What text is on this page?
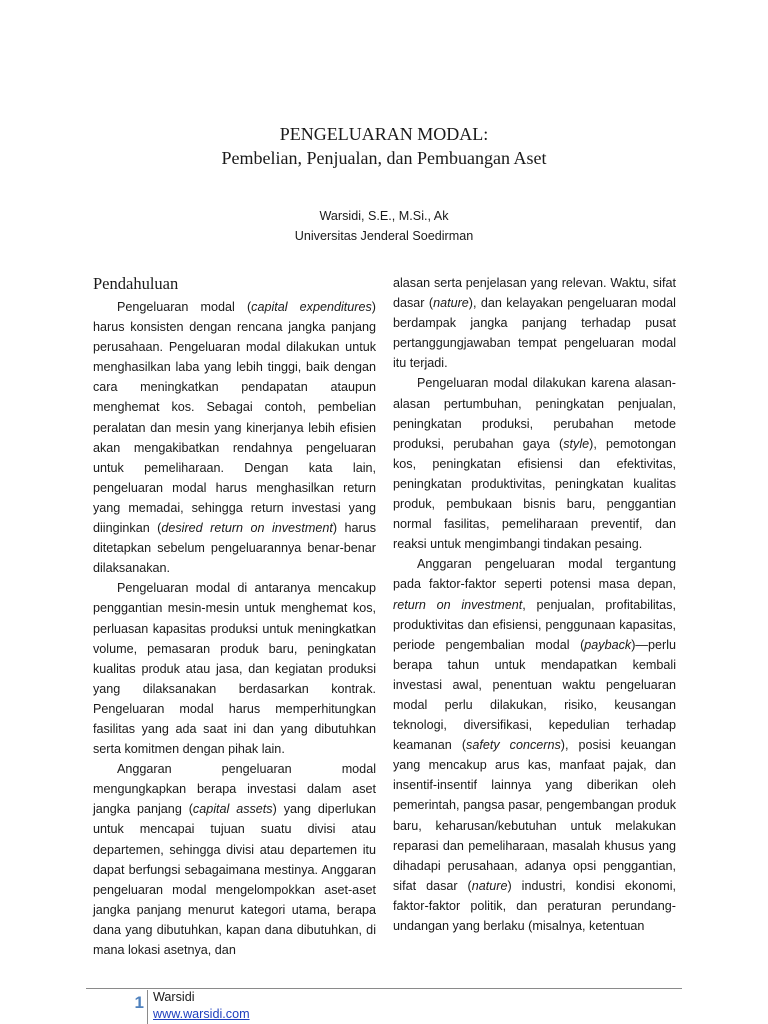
PENGELUARAN MODAL:
Pembelian, Penjualan, dan Pembuangan Aset
Warsidi, S.E., M.Si., Ak
Universitas Jenderal Soedirman
Pendahuluan

Pengeluaran modal (capital expenditures) harus konsisten dengan rencana jangka panjang perusahaan. Pengeluaran modal dilakukan untuk menghasilkan laba yang lebih tinggi, baik dengan cara meningkatkan pendapatan ataupun menghemat kos. Sebagai contoh, pembelian peralatan dan mesin yang kinerjanya lebih efisien akan mengakibatkan rendahnya pengeluaran untuk pemeliharaan. Dengan kata lain, pengeluaran modal harus menghasilkan return yang memadai, sehingga return investasi yang diinginkan (desired return on investment) harus ditetapkan sebelum pengeluarannya benar-benar dilaksanakan.

Pengeluaran modal di antaranya mencakup penggantian mesin-mesin untuk menghemat kos, perluasan kapasitas produksi untuk meningkatkan volume, pemasaran produk baru, peningkatan kualitas produk atau jasa, dan kegiatan produksi yang dilaksanakan berdasarkan kontrak. Pengeluaran modal harus memperhitungkan fasilitas yang ada saat ini dan yang dibutuhkan serta komitmen dengan pihak lain.

Anggaran pengeluaran modal mengungkapkan berapa investasi dalam aset jangka panjang (capital assets) yang diperlukan untuk mencapai tujuan suatu divisi atau departemen, sehingga divisi atau departemen itu dapat berfungsi sebagaimana mestinya. Anggaran pengeluaran modal mengelompokkan aset-aset jangka panjang menurut kategori utama, berapa dana yang dibutuhkan, kapan dana dibutuhkan, di mana lokasi asetnya, dan

alasan serta penjelasan yang relevan. Waktu, sifat dasar (nature), dan kelayakan pengeluaran modal berdampak jangka panjang terhadap pusat pertanggungjawaban tempat pengeluaran modal itu terjadi.

Pengeluaran modal dilakukan karena alasan-alasan pertumbuhan, peningkatan penjualan, peningkatan produksi, perubahan metode produksi, perubahan gaya (style), pemotongan kos, peningkatan efisiensi dan efektivitas, peningkatan produktivitas, peningkatan kualitas produk, pembukaan bisnis baru, penggantian normal fasilitas, pemeliharaan preventif, dan reaksi untuk mengimbangi tindakan pesaing.

Anggaran pengeluaran modal tergantung pada faktor-faktor seperti potensi masa depan, return on investment, penjualan, profitabilitas, produktivitas dan efisiensi, penggunaan kapasitas, periode pengembalian modal (payback)—perlu berapa tahun untuk mendapatkan kembali investasi awal, penentuan waktu pengeluaran modal perlu dilakukan, risiko, keusangan teknologi, diversifikasi, kepedulian terhadap keamanan (safety concerns), posisi keuangan yang mencakup arus kas, manfaat pajak, dan insentif-insentif lainnya yang diberikan oleh pemerintah, pangsa pasar, pengembangan produk baru, keharusan/kebutuhan untuk melakukan reparasi dan pemeliharaan, masalah khusus yang dihadapi perusahaan, adanya opsi penggantian, sifat dasar (nature) industri, kondisi ekonomi, faktor-faktor politik, dan peraturan perundang-undangan yang berlaku (misalnya, ketentuan

1 Warsidi
www.warsidi.com
